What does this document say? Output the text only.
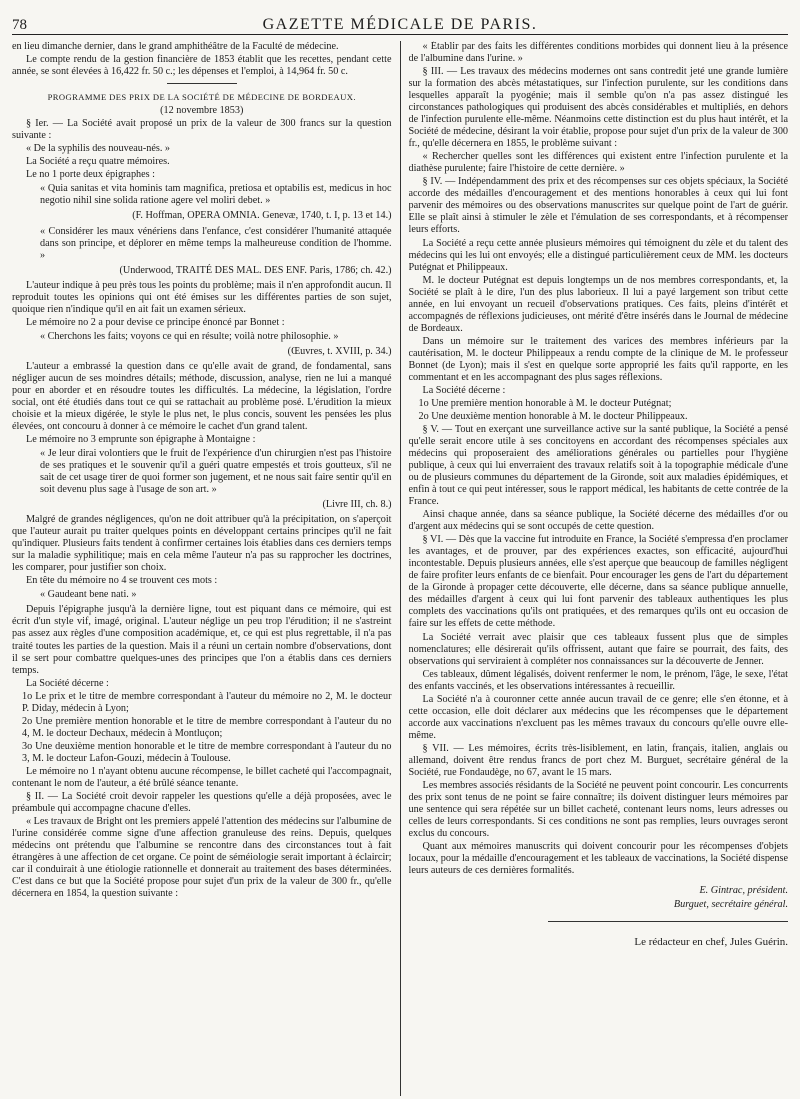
78	GAZETTE MÉDICALE DE PARIS.

en lieu dimanche dernier, dans le grand amphithéâtre de la Faculté de médecine.

Le compte rendu de la gestion financière de 1853 établit que les recettes, pendant cette année, se sont élevées à 16,422 fr. 50 c.; les dépenses et l'emploi, à 14,964 fr. 50 c.

PROGRAMME DES PRIX DE LA SOCIÉTÉ DE MÉDECINE DE BORDEAUX.

(12 novembre 1853)

§ Ier. — La Société avait proposé un prix de la valeur de 300 francs sur la question suivante :

« De la syphilis des nouveau-nés. »

La Société a reçu quatre mémoires.

Le no 1 porte deux épigraphes :

« Quia sanitas et vita hominis tam magnifica, pretiosa et optabilis est, medicus in hoc negotio nihil sine solida ratione agere vel moliri debet. »

(F. Hoffman, OPERA OMNIA. Genevæ, 1740, t. I, p. 13 et 14.)

« Considérer les maux vénériens dans l'enfance, c'est considérer l'humanité attaquée dans son principe, et déplorer en même temps la malheureuse condition de l'homme. »

(Underwood, TRAITÉ DES MAL. DES ENF. Paris, 1786; ch. 42.)

L'auteur indique à peu près tous les points du problème; mais il n'en approfondit aucun. Il reproduit toutes les opinions qui ont été émises sur les différentes parties de son sujet, quoique rien n'indique qu'il en ait fait un examen sérieux.

Le mémoire no 2 a pour devise ce principe énoncé par Bonnet :

« Cherchons les faits; voyons ce qui en résulte; voilà notre philosophie. »

(Œuvres, t. XVIII, p. 34.)

L'auteur a embrassé la question dans ce qu'elle avait de grand, de fondamental, sans négliger aucun de ses moindres détails; méthode, discussion, analyse, rien ne lui a manqué pour en aborder et en résoudre toutes les difficultés. La médecine, la législation, l'ordre social, ont été étudiés dans tout ce qui se rattachait au problème posé. L'érudition la mieux choisie et la mieux digérée, le style le plus net, le plus concis, souvent les pensées les plus élevées, ont concouru à donner à ce mémoire le cachet d'un grand talent.

Le mémoire no 3 emprunte son épigraphe à Montaigne :

« Je leur dirai volontiers que le fruit de l'expérience d'un chirurgien n'est pas l'histoire de ses pratiques et le souvenir qu'il a guéri quatre empestés et trois goutteux, s'il ne sait de cet usage tirer de quoi former son jugement, et ne nous sait faire sentir qu'il en soit devenu plus sage à l'usage de son art. »

(Livre III, ch. 8.)

Malgré de grandes négligences, qu'on ne doit attribuer qu'à la précipitation, on s'aperçoit que l'auteur aurait pu traiter quelques points en développant certains principes qu'il ne fait qu'indiquer. Plusieurs faits tendent à confirmer certaines lois établies dans ces derniers temps sur la maladie syphilitique; mais en cela même l'auteur n'a pas su rapprocher les doctrines, les comparer, pour justifier son choix.

En tête du mémoire no 4 se trouvent ces mots :

« Gaudeant bene nati. »

Depuis l'épigraphe jusqu'à la dernière ligne, tout est piquant dans ce mémoire, qui est écrit d'un style vif, imagé, original. L'auteur néglige un peu trop l'érudition; il ne s'astreint pas assez aux règles d'une composition académique, et, ce qui est plus regrettable, il n'a pas traité toutes les parties de la question. Mais il a réuni un certain nombre d'observations, dont il se sert pour combattre quelques-unes des principes que l'on a établis dans ces derniers temps.

La Société décerne :

1o Le prix et le titre de membre correspondant à l'auteur du mémoire no 2, M. le docteur P. Diday, médecin à Lyon;

2o Une première mention honorable et le titre de membre correspondant à l'auteur du no 4, M. le docteur Dechaux, médecin à Montluçon;

3o Une deuxième mention honorable et le titre de membre correspondant à l'auteur du no 3, M. le docteur Lafon-Gouzi, médecin à Toulouse.

Le mémoire no 1 n'ayant obtenu aucune récompense, le billet cacheté qui l'accompagnait, contenant le nom de l'auteur, a été brûlé séance tenante.

§ II. — La Société croit devoir rappeler les questions qu'elle a déjà proposées, avec le préambule qui accompagne chacune d'elles.

« Les travaux de Bright ont les premiers appelé l'attention des médecins sur l'albumine de l'urine considérée comme signe d'une affection granuleuse des reins. Depuis, quelques médecins ont prétendu que l'albumine se rencontre dans des circonstances tout à fait étrangères à une affection de cet organe. Ce point de séméiologie serait important à éclaircir; car il conduirait à une étiologie rationnelle et donnerait au traitement des bases déterminées. C'est dans ce but que la Société propose pour sujet d'un prix de la valeur de 300 fr., qu'elle décernera en 1854, la question suivante :

« Établir par des faits les différentes conditions morbides qui donnent lieu à la présence de l'albumine dans l'urine. »

§ III. — Les travaux des médecins modernes ont sans contredit jeté une grande lumière sur la formation des abcès métastatiques, sur l'infection purulente, sur les conditions dans lesquelles apparaît la pyogénie; mais il semble qu'on n'a pas assez distingué les circonstances pathologiques qui produisent des abcès considérables et multipliés, en dehors de l'infection purulente elle-même. Néanmoins cette distinction est du plus haut intérêt, et la Société de médecine, désirant la voir établie, propose pour sujet d'un prix de la valeur de 300 fr., qu'elle décernera en 1855, le problème suivant :

« Rechercher quelles sont les différences qui existent entre l'infection purulente et la diathèse purulente; faire l'histoire de cette dernière. »

§ IV. — Indépendamment des prix et des récompenses sur ces objets spéciaux, la Société accorde des médailles d'encouragement et des mentions honorables à ceux qui lui font parvenir des mémoires ou des observations manuscrites sur quelque point de l'art de guérir. Elle se plaît ainsi à stimuler le zèle et l'émulation de ses correspondants, et à récompenser leurs efforts.

La Société a reçu cette année plusieurs mémoires qui témoignent du zèle et du talent des médecins qui les lui ont envoyés; elle a distingué particulièrement ceux de MM. les docteurs Putégnat et Philippeaux.

M. le docteur Putégnat est depuis longtemps un de nos membres correspondants, et, la Société se plaît à le dire, l'un des plus laborieux. Il lui a payé largement son tribut cette année, en lui envoyant un recueil d'observations pratiques. Ces faits, pleins d'intérêt et accompagnés de réflexions judicieuses, ont mérité d'être insérés dans le Journal de médecine de Bordeaux.

Dans un mémoire sur le traitement des varices des membres inférieurs par la cautérisation, M. le docteur Philippeaux a rendu compte de la clinique de M. le professeur Bonnet (de Lyon); mais il s'est en quelque sorte approprié les faits qu'il rapporte, en les commentant et en les accompagnant des plus sages réflexions.

La Société décerne :

1o Une première mention honorable à M. le docteur Putégnat;

2o Une deuxième mention honorable à M. le docteur Philippeaux.

§ V. — Tout en exerçant une surveillance active sur la santé publique, la Société a pensé qu'elle serait encore utile à ses concitoyens en accordant des récompenses spéciales aux médecins qui proposeraient des améliorations générales ou partielles pour l'hygiène publique, à ceux qui lui enverraient des travaux relatifs soit à la topographie médicale d'une ou de plusieurs communes du département de la Gironde, soit aux maladies épidémiques, et enfin à tout ce qui peut intéresser, sous le rapport médical, les habitants de cette contrée de la France.

Ainsi chaque année, dans sa séance publique, la Société décerne des médailles d'or ou d'argent aux médecins qui se sont occupés de cette question.

§ VI. — Dès que la vaccine fut introduite en France, la Société s'empressa d'en proclamer les avantages, et de prouver, par des expériences exactes, son efficacité, aujourd'hui incontestable. Depuis plusieurs années, elle s'est aperçue que beaucoup de familles négligent de faire profiter leurs enfants de ce bienfait. Pour encourager les gens de l'art du département de la Gironde à propager cette découverte, elle décerne, dans sa séance publique annuelle, des médailles d'argent à ceux qui lui font parvenir des tableaux authentiques les plus complets des vaccinations qu'ils ont pratiquées, et des remarques qu'ils ont eu occasion de faire sur les effets de cette méthode.

La Société verrait avec plaisir que ces tableaux fussent plus que de simples nomenclatures; elle désirerait qu'ils offrissent, autant que faire se pourrait, des faits, des observations qui serviraient à compléter nos connaissances sur la découverte de Jenner.

Ces tableaux, dûment légalisés, doivent renfermer le nom, le prénom, l'âge, le sexe, l'état des enfants vaccinés, et les observations intéressantes à recueillir.

La Société n'a à couronner cette année aucun travail de ce genre; elle s'en étonne, et à cette occasion, elle doit déclarer aux médecins que les récompenses que le département accorde aux vaccinations n'excluent pas les mêmes travaux du concours qu'elle ouvre elle-même.

§ VII. — Les mémoires, écrits très-lisiblement, en latin, français, italien, anglais ou allemand, doivent être rendus francs de port chez M. Burguet, secrétaire général de la Société, rue Fondaudège, no 67, avant le 15 mars.

Les membres associés résidants de la Société ne peuvent point concourir. Les concurrents des prix sont tenus de ne point se faire connaître; ils doivent distinguer leurs mémoires par une sentence qui sera répétée sur un billet cacheté, contenant leurs noms, leurs adresses ou celles de leurs correspondants. Si ces conditions ne sont pas remplies, leurs ouvrages seront exclus du concours.

Quant aux mémoires manuscrits qui doivent concourir pour les récompenses d'objets locaux, pour la médaille d'encouragement et les tableaux de vaccinations, la Société dispense leurs auteurs de ces dernières formalités.

E. Gintrac, président.
Burguet, secrétaire général.

Le rédacteur en chef, Jules Guérin.
